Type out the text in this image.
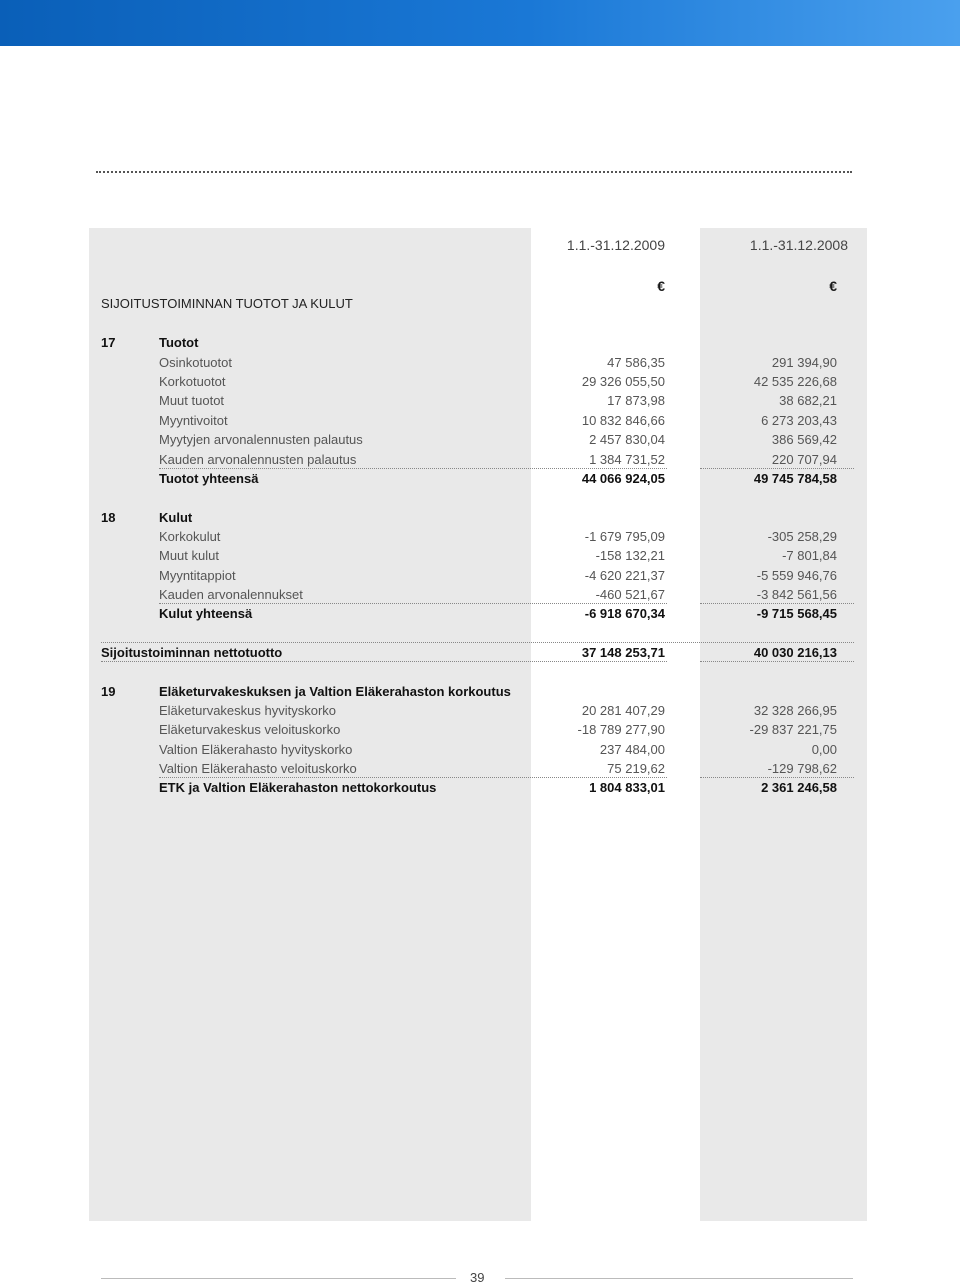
1.1.-31.12.2009	1.1.-31.12.2008
€	€
SIJOITUSTOIMINNAN TUOTOT JA KULUT
17	Tuotot
Osinkotuotot	47 586,35	291 394,90
Korkotuotot	29 326 055,50	42 535 226,68
Muut tuotot	17 873,98	38 682,21
Myyntivoitot	10 832 846,66	6 273 203,43
Myytyjen arvonalennusten palautus	2 457 830,04	386 569,42
Kauden arvonalennusten palautus	1 384 731,52	220 707,94
Tuotot yhteensä	44 066 924,05	49 745 784,58
18	Kulut
Korkokulut	-1 679 795,09	-305 258,29
Muut kulut	-158 132,21	-7 801,84
Myyntitappiot	-4 620 221,37	-5 559 946,76
Kauden arvonalennukset	-460 521,67	-3 842 561,56
Kulut yhteensä	-6 918 670,34	-9 715 568,45
Sijoitustoiminnan nettotuotto	37 148 253,71	40 030 216,13
19	Eläketurvakeskuksen ja Valtion Eläkerahaston korkoutus
Eläketurvakeskus hyvityskorko	20 281 407,29	32 328 266,95
Eläketurvakeskus veloituskorko	-18 789 277,90	-29 837 221,75
Valtion Eläkerahasto hyvityskorko	237 484,00	0,00
Valtion Eläkerahasto veloituskorko	75 219,62	-129 798,62
ETK ja Valtion Eläkerahaston nettokorkoutus	1 804 833,01	2 361 246,58
39
